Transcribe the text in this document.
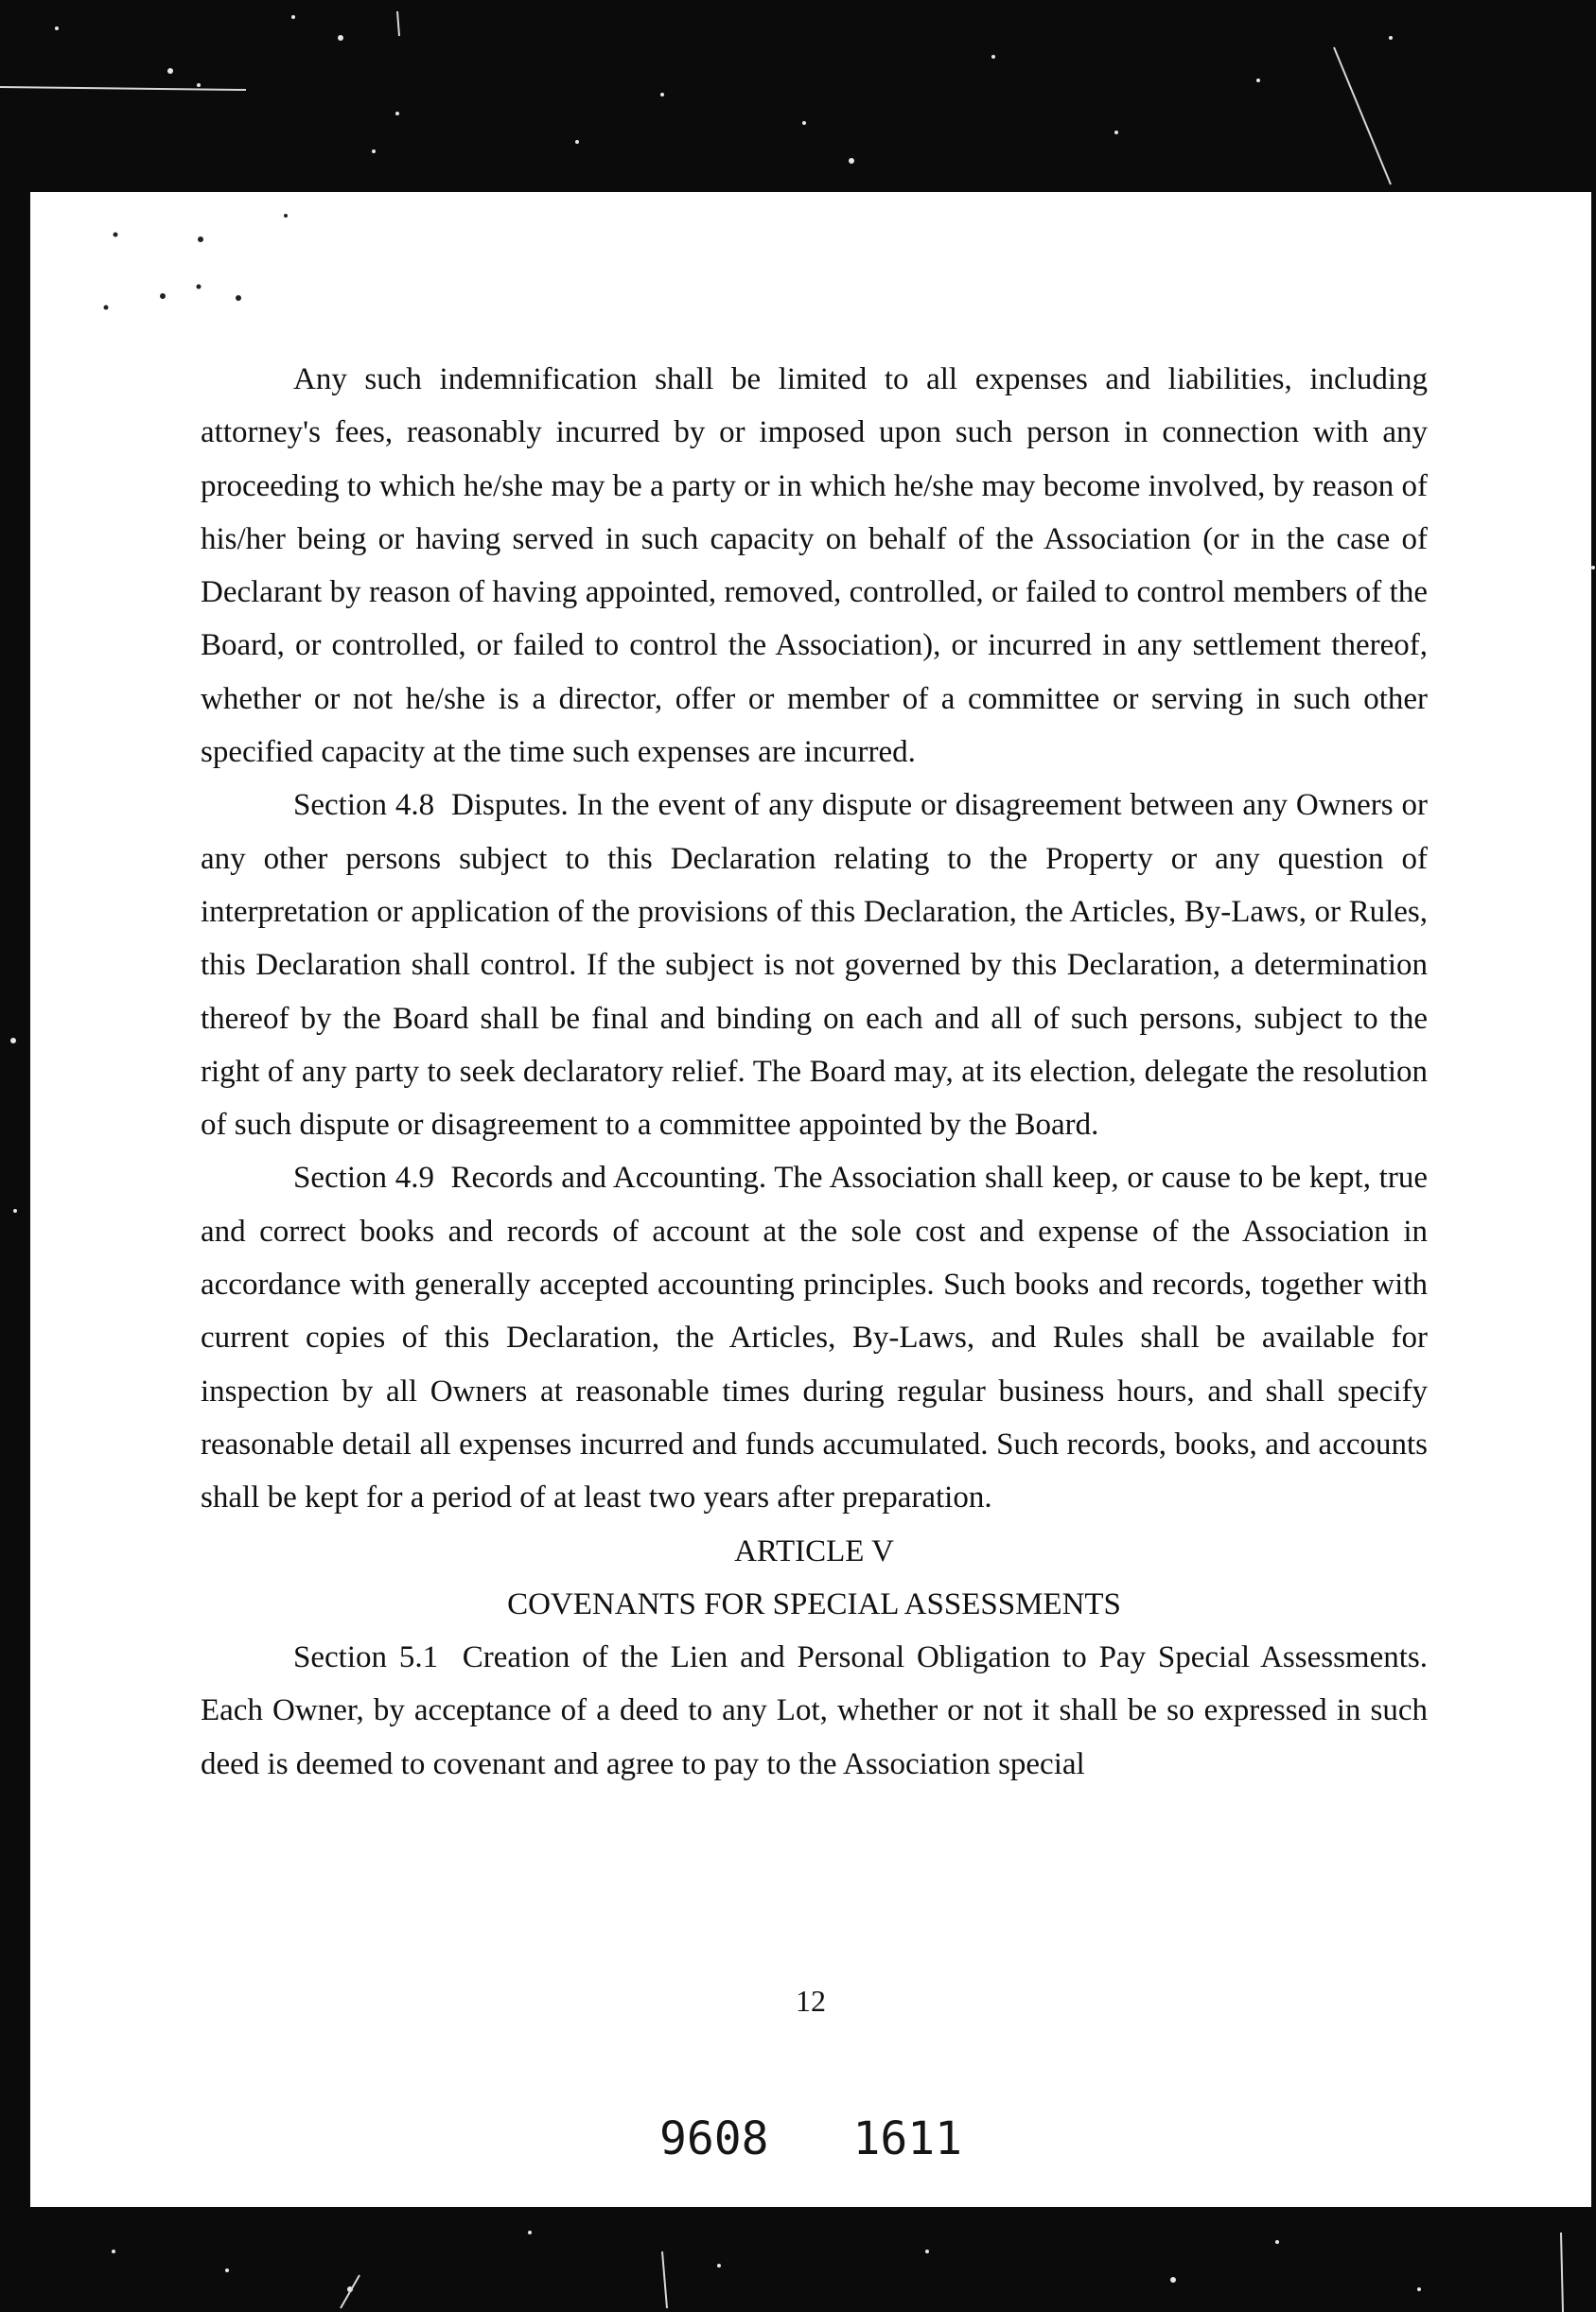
Any such indemnification shall be limited to all expenses and liabilities, including attorney's fees, reasonably incurred by or imposed upon such person in connection with any proceeding to which he/she may be a party or in which he/she may become involved, by reason of his/her being or having served in such capacity on behalf of the Association (or in the case of Declarant by reason of having appointed, removed, controlled, or failed to control members of the Board, or controlled, or failed to control the Association), or incurred in any settlement thereof, whether or not he/she is a director, offer or member of a committee or serving in such other specified capacity at the time such expenses are incurred.

Section 4.8  Disputes. In the event of any dispute or disagreement between any Owners or any other persons subject to this Declaration relating to the Property or any question of interpretation or application of the provisions of this Declaration, the Articles, By-Laws, or Rules, this Declaration shall control. If the subject is not governed by this Declaration, a determination thereof by the Board shall be final and binding on each and all of such persons, subject to the right of any party to seek declaratory relief. The Board may, at its election, delegate the resolution of such dispute or disagreement to a committee appointed by the Board.

Section 4.9  Records and Accounting. The Association shall keep, or cause to be kept, true and correct books and records of account at the sole cost and expense of the Association in accordance with generally accepted accounting principles. Such books and records, together with current copies of this Declaration, the Articles, By-Laws, and Rules shall be available for inspection by all Owners at reasonable times during regular business hours, and shall specify reasonable detail all expenses incurred and funds accumulated. Such records, books, and accounts shall be kept for a period of at least two years after preparation.

ARTICLE V

COVENANTS FOR SPECIAL ASSESSMENTS

Section 5.1  Creation of the Lien and Personal Obligation to Pay Special Assessments. Each Owner, by acceptance of a deed to any Lot, whether or not it shall be so expressed in such deed is deemed to covenant and agree to pay to the Association special

12
9608 1611
